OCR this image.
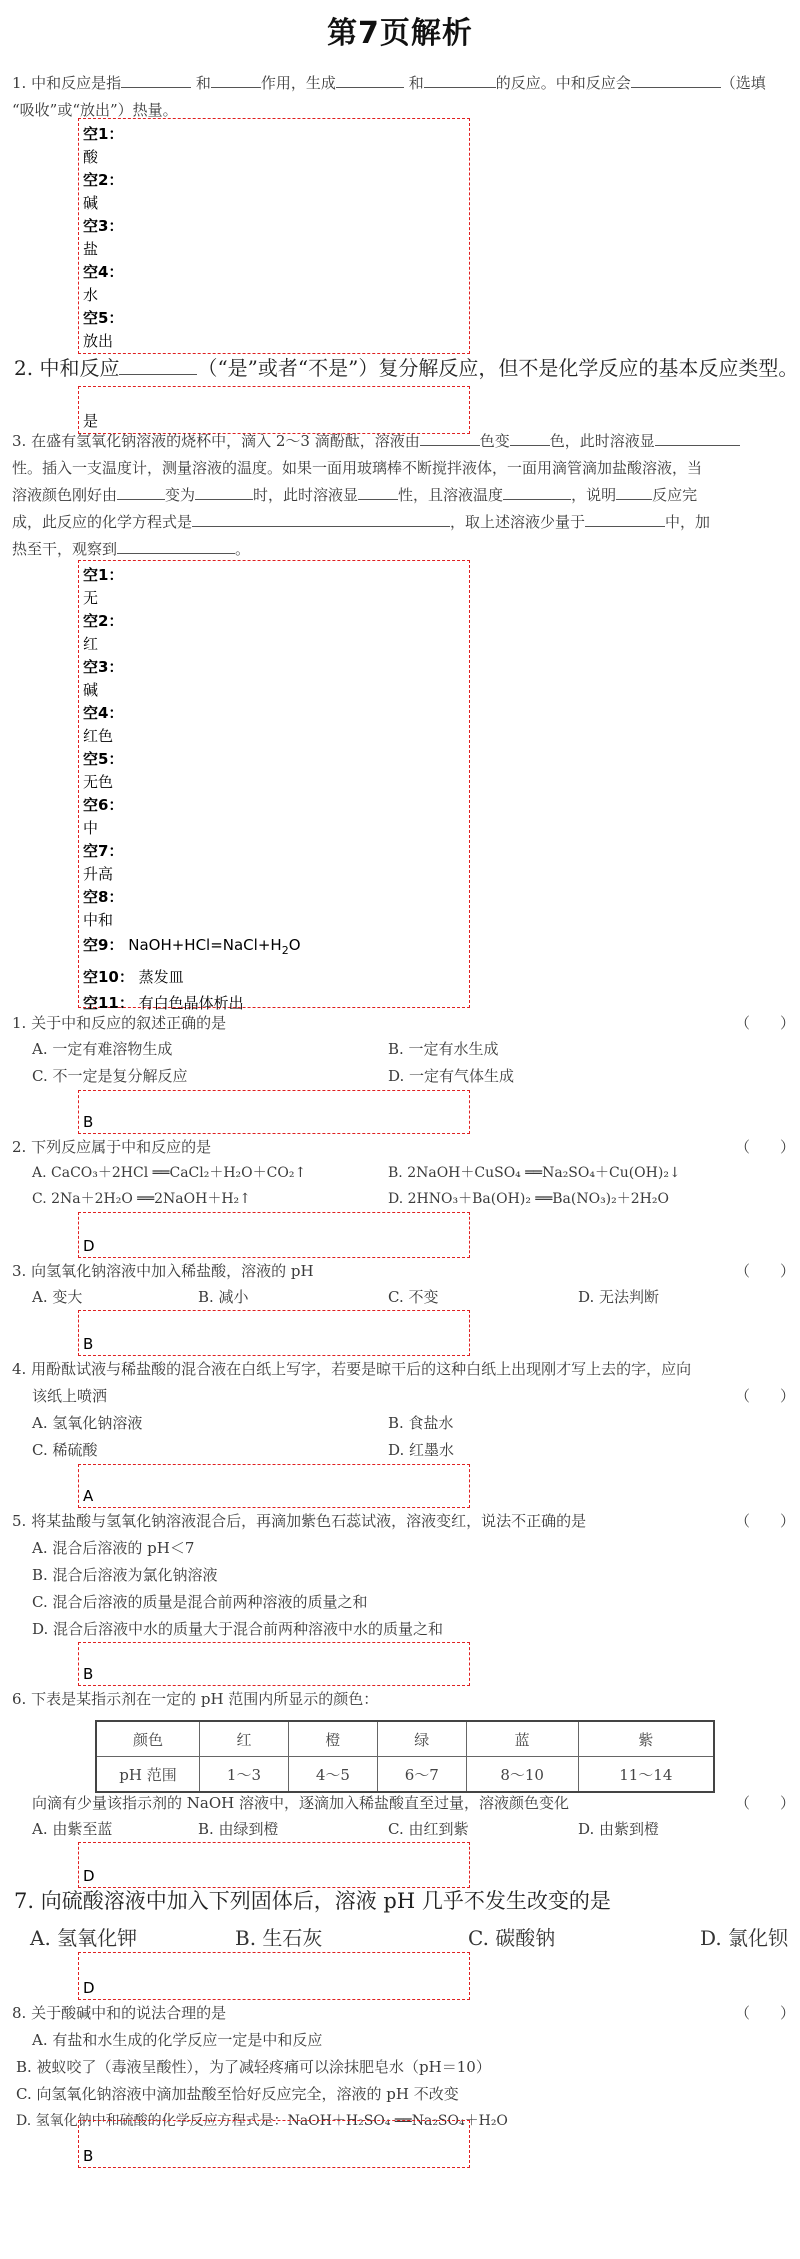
第7页解析
1. 中和反应是指	和	作用，生成	和	的反应。中和反应会	（选填
“吸收”或“放出”）热量。
空1：
酸
空2：
碱
空3：
盐
空4：
水
空5：
放出
2. 中和反应	（“是”或者“不是”）复分解反应，但不是化学反应的基本反应类型。
是
3. 在盛有氢氧化钠溶液的烧杯中，滴入 2～3 滴酚酞，溶液由	色变	色，此时溶液显
性。插入一支温度计，测量溶液的温度。如果一面用玻璃棒不断搅拌液体，一面用滴管滴加盐酸溶液，当
溶液颜色刚好由	变为	时，此时溶液显	性，且溶液温度	，说明 反应完
成，此反应的化学方程式是	，取上述溶液少量于	中，加
热至干，观察到	。
空1：
无
空2：
红
空3：
碱
空4：
红色
空5：
无色
空6：
中
空7：
升高
空8：
中和
空9： $NaOH+HCl=NaCl+H_2O$
空10： 蒸发皿
空11： 有白色晶体析出
1. 关于中和反应的叙述正确的是	（　　）
A. 一定有难溶物生成	B. 一定有水生成
C. 不一定是复分解反应	D. 一定有气体生成
B
2. 下列反应属于中和反应的是	（　　）
A. CaCO₃＋2HCl ══CaCl₂＋H₂O＋CO₂↑	B. 2NaOH＋CuSO₄ ══Na₂SO₄＋Cu(OH)₂↓
C. 2Na＋2H₂O ══2NaOH＋H₂↑	D. 2HNO₃＋Ba(OH)₂ ══Ba(NO₃)₂＋2H₂O
D
3. 向氢氧化钠溶液中加入稀盐酸，溶液的 pH	（　　）
A. 变大	B. 减小	C. 不变	D. 无法判断
B
4. 用酚酞试液与稀盐酸的混合液在白纸上写字，若要是晾干后的这种白纸上出现刚才写上去的字，应向
该纸上喷洒	（　　）
A. 氢氧化钠溶液	B. 食盐水
C. 稀硫酸	D. 红墨水
A
5. 将某盐酸与氢氧化钠溶液混合后，再滴加紫色石蕊试液，溶液变红，说法不正确的是	（　　）
A. 混合后溶液的 pH＜7
B. 混合后溶液为氯化钠溶液
C. 混合后溶液的质量是混合前两种溶液的质量之和
D. 混合后溶液中水的质量大于混合前两种溶液中水的质量之和
B
6. 下表是某指示剂在一定的 pH 范围内所显示的颜色：
颜色	红	橙	绿	蓝	紫
pH 范围	1～3	4～5	6～7	8～10	11～14
向滴有少量该指示剂的 NaOH 溶液中，逐滴加入稀盐酸直至过量，溶液颜色变化	（　　）
A. 由紫至蓝	B. 由绿到橙	C. 由红到紫	D. 由紫到橙
D
7. 向硫酸溶液中加入下列固体后，溶液 pH 几乎不发生改变的是
A. 氢氧化钾	B. 生石灰	C. 碳酸钠	D. 氯化钡
D
8. 关于酸碱中和的说法合理的是	（　　）
A. 有盐和水生成的化学反应一定是中和反应
B. 被蚁咬了（毒液呈酸性），为了减轻疼痛可以涂抹肥皂水（pH＝10）
C. 向氢氧化钠溶液中滴加盐酸至恰好反应完全，溶液的 pH 不改变
D. 氢氧化钠中和硫酸的化学反应方程式是：NaOH＋H₂SO₄ ══Na₂SO₄＋H₂O
B
